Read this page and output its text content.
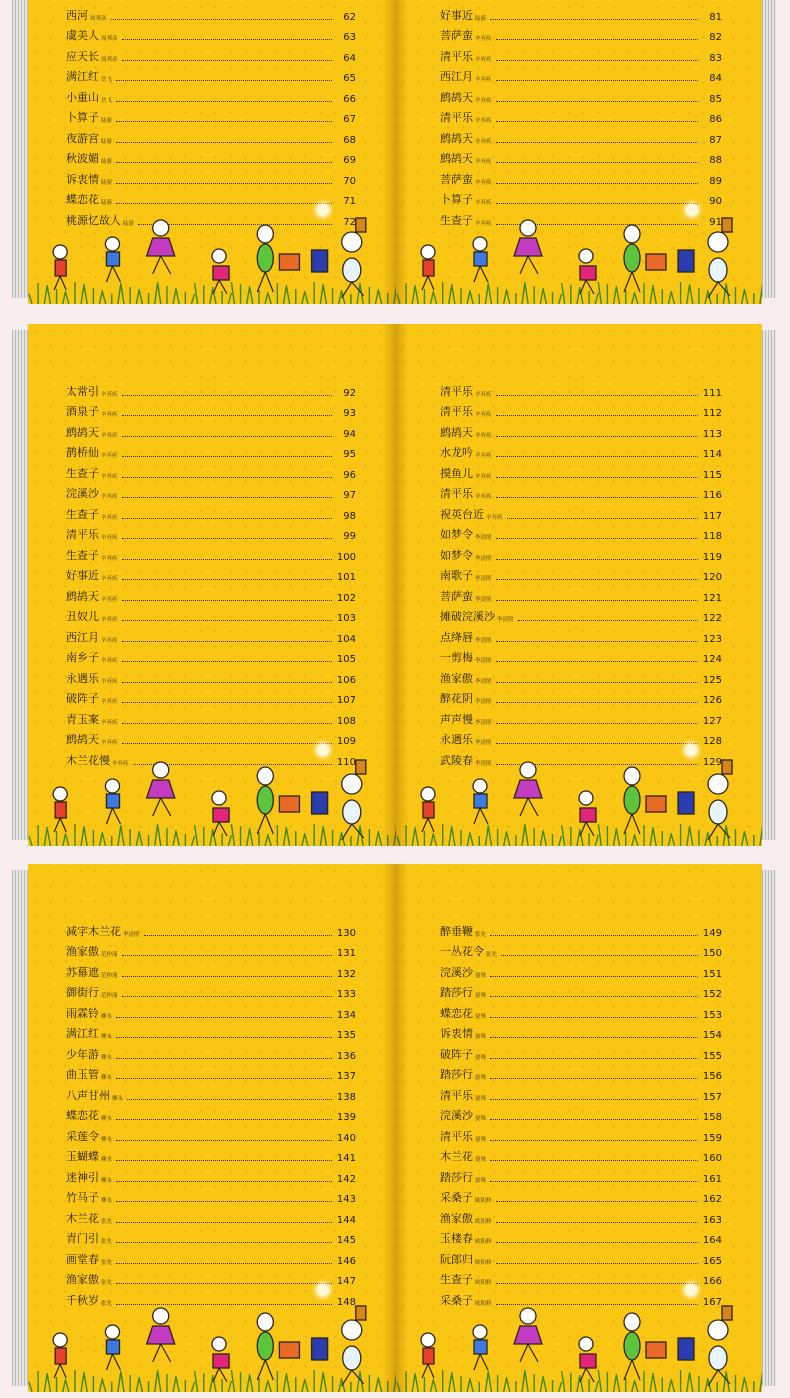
西河 周邦彦	62
虞美人 周邦彦	63
应天长 周邦彦	64
满江红 岳飞	65
小重山 岳飞	66
卜算子 陆游	67
夜游宫 陆游	68
秋波媚 陆游	69
诉衷情 陆游	70
蝶恋花 陆游	71
桃源忆故人 陆游	72
好事近 陆游	81
菩萨蛮 辛弃疾	82
清平乐 辛弃疾	83
西江月 辛弃疾	84
鹧鸪天 辛弃疾	85
清平乐 辛弃疾	86
鹧鸪天 辛弃疾	87
鹧鸪天 辛弃疾	88
菩萨蛮 辛弃疾	89
卜算子 辛弃疾	90
生查子 辛弃疾	91
太常引 辛弃疾	92
酒泉子 辛弃疾	93
鹧鸪天 辛弃疾	94
鹊桥仙 辛弃疾	95
生查子 辛弃疾	96
浣溪沙 辛弃疾	97
生查子 辛弃疾	98
清平乐 辛弃疾	99
生查子 辛弃疾	100
好事近 辛弃疾	101
鹧鸪天 辛弃疾	102
丑奴儿 辛弃疾	103
西江月 辛弃疾	104
南乡子 辛弃疾	105
永遇乐 辛弃疾	106
破阵子 辛弃疾	107
青玉案 辛弃疾	108
鹧鸪天 辛弃疾	109
木兰花慢 辛弃疾	110
清平乐 辛弃疾	111
清平乐 辛弃疾	112
鹧鸪天 辛弃疾	113
水龙吟 辛弃疾	114
摸鱼儿 辛弃疾	115
清平乐 辛弃疾	116
祝英台近 辛弃疾	117
如梦令 李清照	118
如梦令 李清照	119
南歌子 李清照	120
菩萨蛮 李清照	121
摊破浣溪沙 李清照	122
点绛唇 李清照	123
一剪梅 李清照	124
渔家傲 李清照	125
醉花阴 李清照	126
声声慢 李清照	127
永遇乐 李清照	128
武陵春 李清照	129
减字木兰花 李清照	130
渔家傲 范仲淹	131
苏幕遮 范仲淹	132
御街行 范仲淹	133
雨霖铃 柳永	134
满江红 柳永	135
少年游 柳永	136
曲玉管 柳永	137
八声甘州 柳永	138
蝶恋花 柳永	139
采莲令 柳永	140
玉蝴蝶 柳永	141
迷神引 柳永	142
竹马子 柳永	143
木兰花 张先	144
青门引 张先	145
画堂春 张先	146
渔家傲 张先	147
千秋岁 张先	148
醉垂鞭 张先	149
一丛花令 张先	150
浣溪沙 晏殊	151
踏莎行 晏殊	152
蝶恋花 晏殊	153
诉衷情 晏殊	154
破阵子 晏殊	155
踏莎行 晏殊	156
清平乐 晏殊	157
浣溪沙 晏殊	158
清平乐 晏殊	159
木兰花 晏殊	160
踏莎行 晏殊	161
采桑子 欧阳修	162
渔家傲 欧阳修	163
玉楼春 欧阳修	164
阮郎归 欧阳修	165
生查子 欧阳修	166
采桑子 欧阳修	167
